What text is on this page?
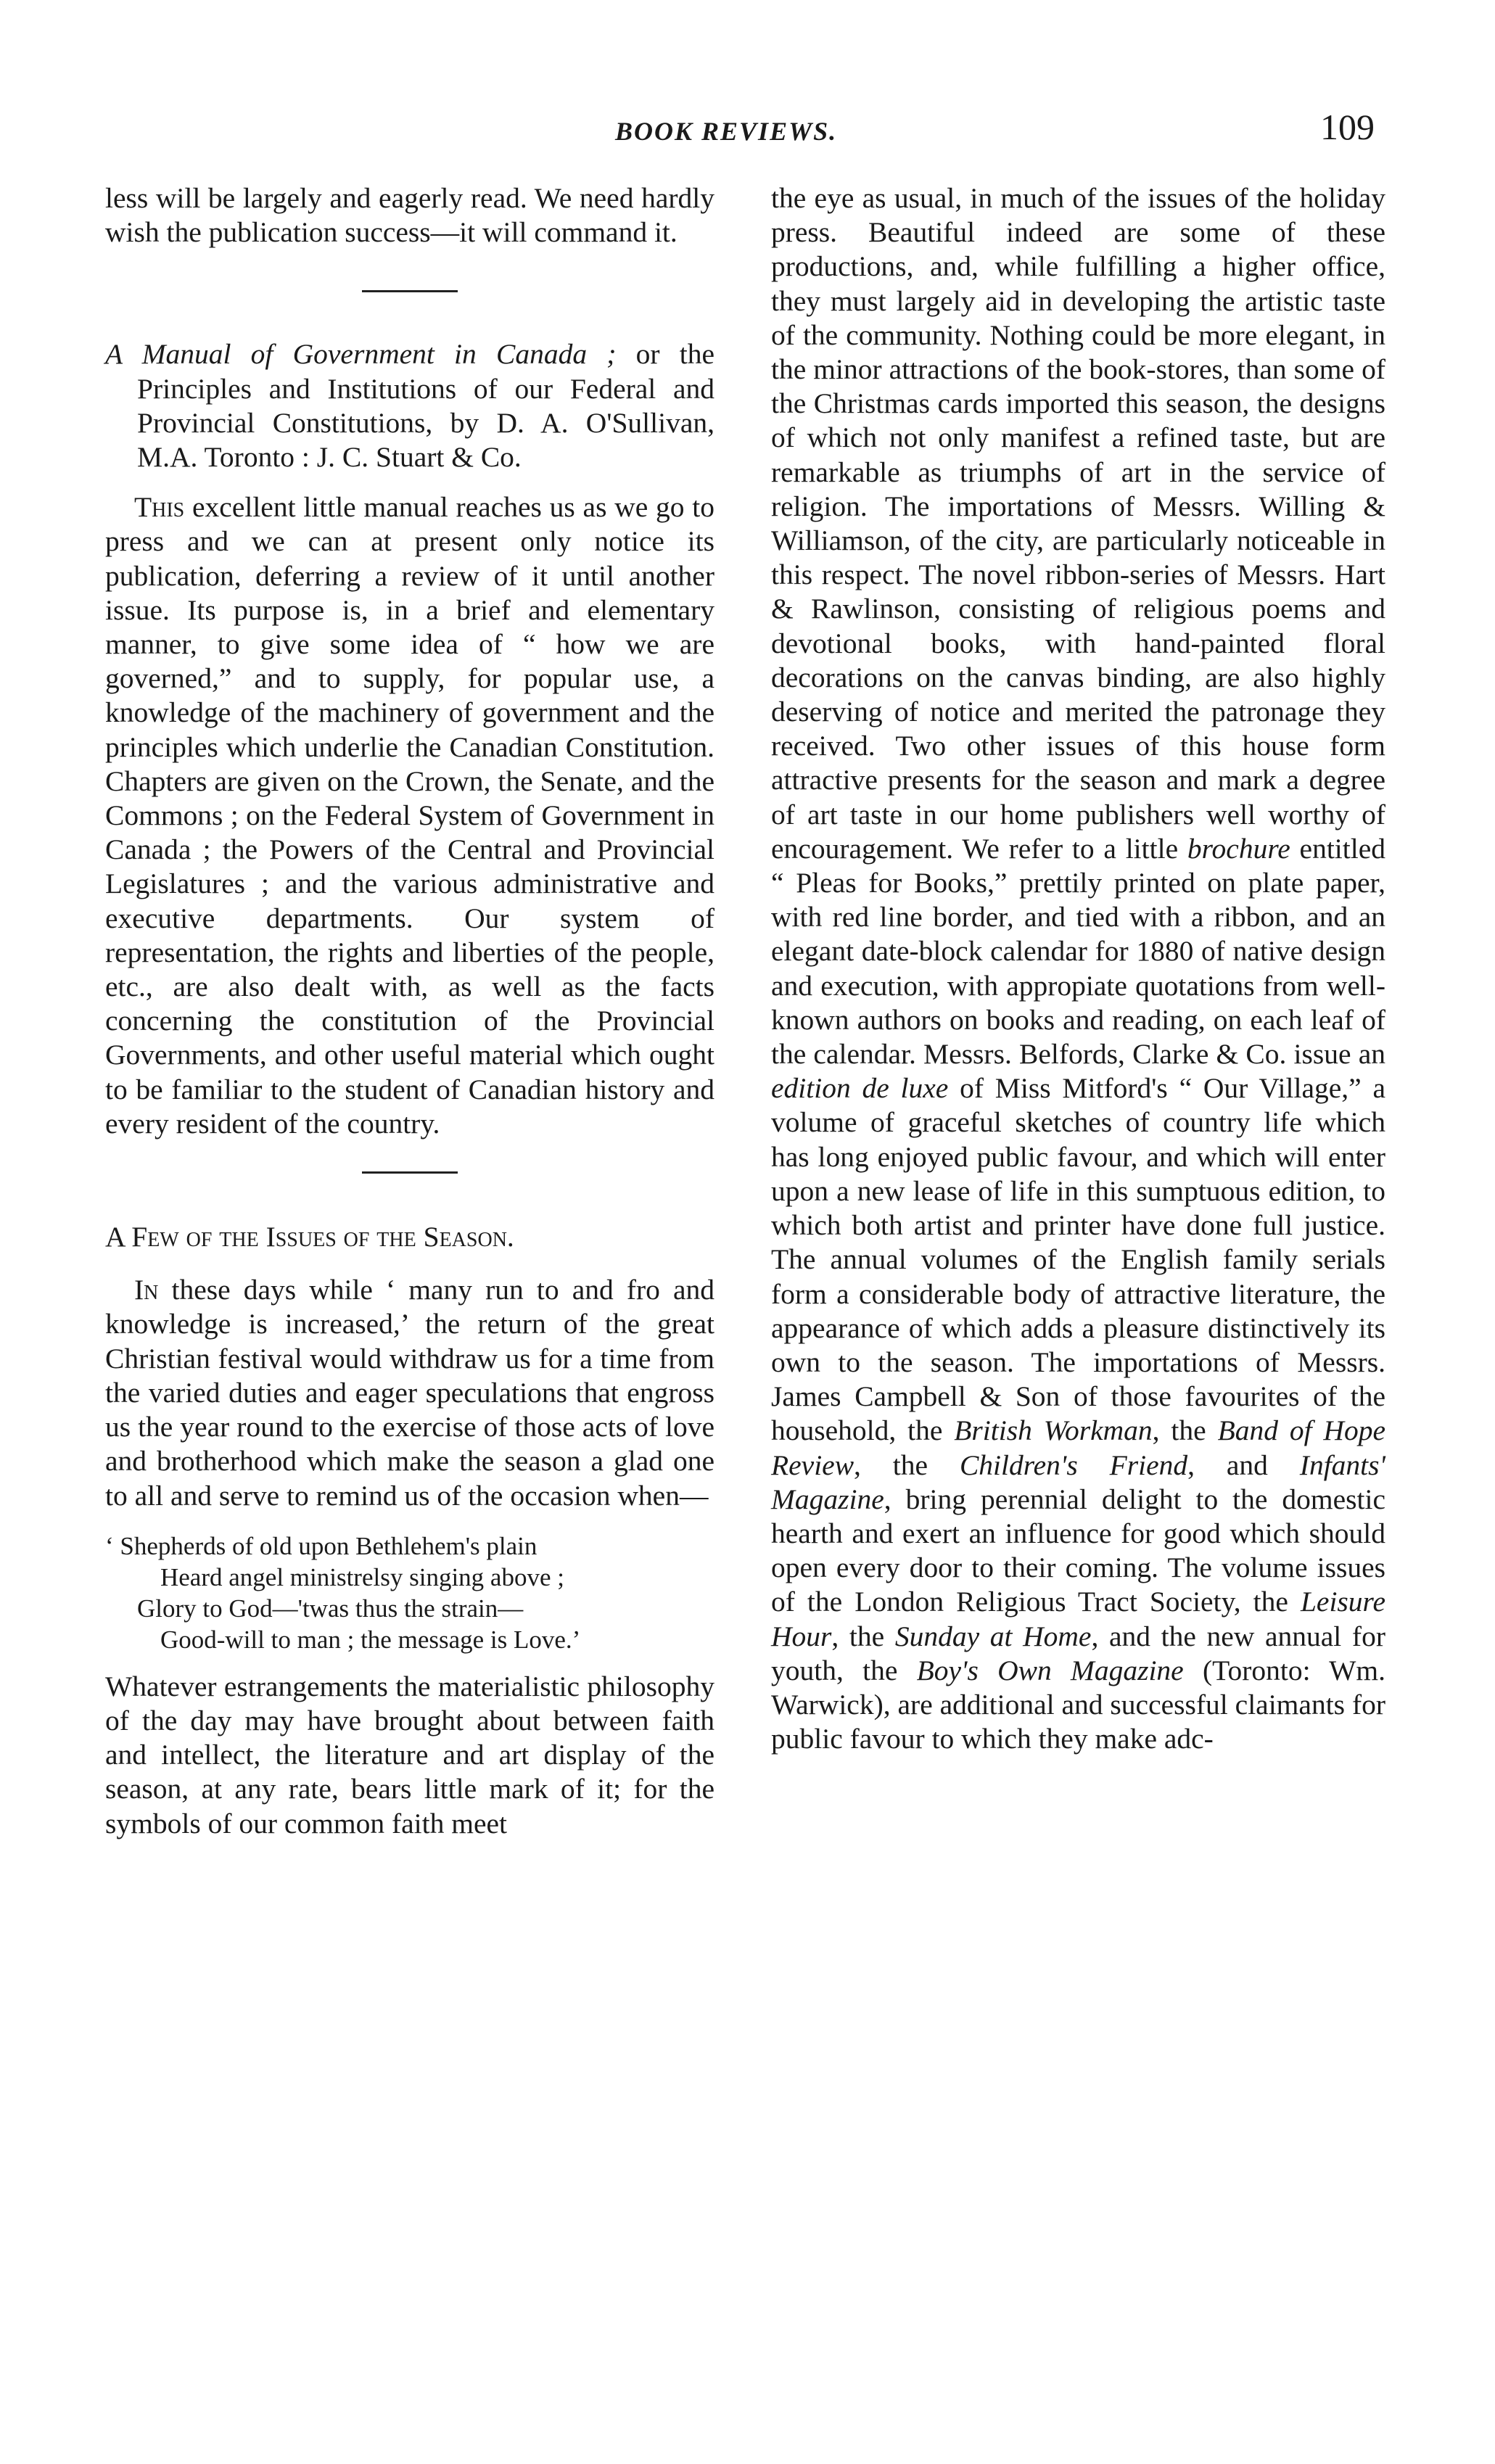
BOOK REVIEWS.	109

less will be largely and eagerly read. We need hardly wish the publication success—it will command it.

A Manual of Government in Canada ; or the Principles and Institutions of our Federal and Provincial Constitutions, by D. A. O'Sullivan, M.A. Toronto : J. C. Stuart & Co.

This excellent little manual reaches us as we go to press and we can at present only notice its publication, deferring a review of it until another issue. Its purpose is, in a brief and elementary manner, to give some idea of “ how we are governed,” and to supply, for popular use, a knowledge of the machinery of government and the principles which underlie the Canadian Constitution. Chapters are given on the Crown, the Senate, and the Commons ; on the Federal System of Government in Canada ; the Powers of the Central and Provincial Legislatures ; and the various administrative and executive departments. Our system of representation, the rights and liberties of the people, etc., are also dealt with, as well as the facts concerning the constitution of the Provincial Governments, and other useful material which ought to be familiar to the student of Canadian history and every resident of the country.

A Few of the Issues of the Season.

In these days while ‘ many run to and fro and knowledge is increased,’ the return of the great Christian festival would withdraw us for a time from the varied duties and eager speculations that engross us the year round to the exercise of those acts of love and brotherhood which make the season a glad one to all and serve to remind us of the occasion when—

‘ Shepherds of old upon Bethlehem's plain
Heard angel ministrelsy singing above ;
Glory to God—'twas thus the strain—
Good-will to man ; the message is Love.’

Whatever estrangements the materialistic philosophy of the day may have brought about between faith and intellect, the literature and art display of the season, at any rate, bears little mark of it; for the symbols of our common faith meet

the eye as usual, in much of the issues of the holiday press. Beautiful indeed are some of these productions, and, while fulfilling a higher office, they must largely aid in developing the artistic taste of the community. Nothing could be more elegant, in the minor attractions of the book-stores, than some of the Christmas cards imported this season, the designs of which not only manifest a refined taste, but are remarkable as triumphs of art in the service of religion. The importations of Messrs. Willing & Williamson, of the city, are particularly noticeable in this respect. The novel ribbon-series of Messrs. Hart & Rawlinson, consisting of religious poems and devotional books, with hand-painted floral decorations on the canvas binding, are also highly deserving of notice and merited the patronage they received. Two other issues of this house form attractive presents for the season and mark a degree of art taste in our home publishers well worthy of encouragement. We refer to a little brochure entitled “ Pleas for Books,” prettily printed on plate paper, with red line border, and tied with a ribbon, and an elegant date-block calendar for 1880 of native design and execution, with appropiate quotations from well-known authors on books and reading, on each leaf of the calendar. Messrs. Belfords, Clarke & Co. issue an edition de luxe of Miss Mitford's “ Our Village,” a volume of graceful sketches of country life which has long enjoyed public favour, and which will enter upon a new lease of life in this sumptuous edition, to which both artist and printer have done full justice. The annual volumes of the English family serials form a considerable body of attractive literature, the appearance of which adds a pleasure distinctively its own to the season. The importations of Messrs. James Campbell & Son of those favourites of the household, the British Workman, the Band of Hope Review, the Children's Friend, and Infants' Magazine, bring perennial delight to the domestic hearth and exert an influence for good which should open every door to their coming. The volume issues of the London Religious Tract Society, the Leisure Hour, the Sunday at Home, and the new annual for youth, the Boy's Own Magazine (Toronto: Wm. Warwick), are additional and successful claimants for public favour to which they make adc-
